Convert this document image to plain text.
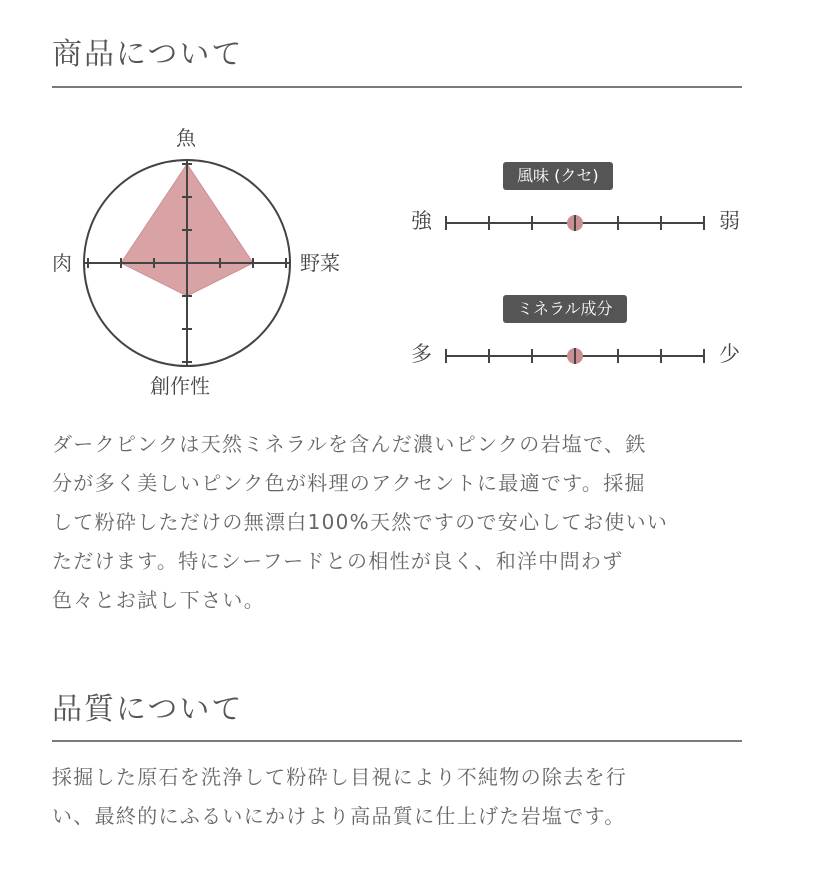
商品について
魚
野菜
創作性
肉
風味 (クセ)
強	弱
ミネラル成分
多	少
ダークピンクは天然ミネラルを含んだ濃いピンクの岩塩で、鉄
分が多く美しいピンク色が料理のアクセントに最適です。採掘
して粉砕しただけの無漂白100%天然ですので安心してお使いい
ただけます。特にシーフードとの相性が良く、和洋中問わず
色々とお試し下さい。
品質について
採掘した原石を洗浄して粉砕し目視により不純物の除去を行
い、最終的にふるいにかけより高品質に仕上げた岩塩です。
